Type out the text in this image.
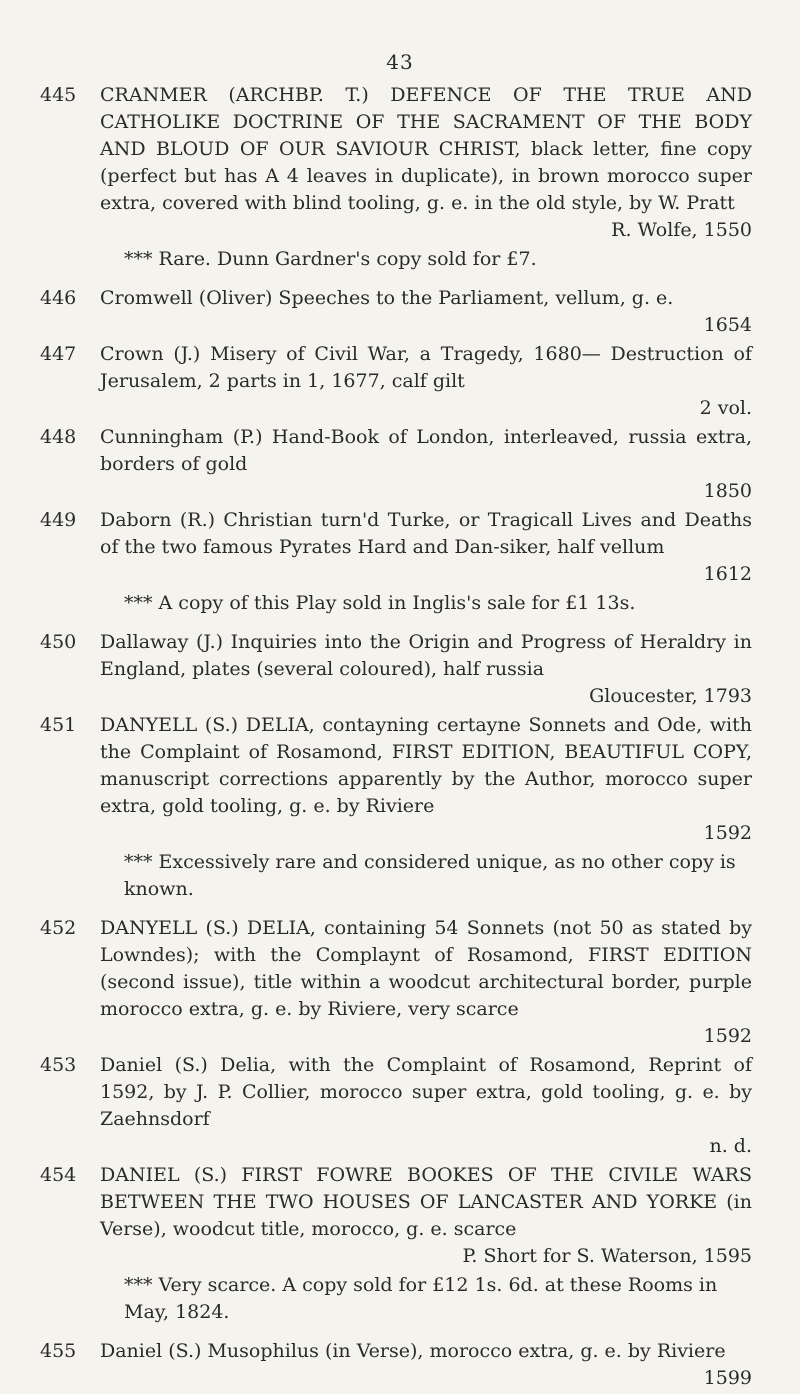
43
445	CRANMER (ARCHBP. T.) DEFENCE OF THE TRUE AND CATHOLIKE DOCTRINE OF THE SACRAMENT OF THE BODY AND BLOUD OF OUR SAVIOUR CHRIST, black letter, fine copy (perfect but has A 4 leaves in duplicate), in brown morocco super extra, covered with blind tooling, g. e. in the old style, by W. Pratt
R. Wolfe, 1550
*** Rare. Dunn Gardner's copy sold for £7.
446	Cromwell (Oliver) Speeches to the Parliament, vellum, g. e.
1654
447	Crown (J.) Misery of Civil War, a Tragedy, 1680— Destruction of Jerusalem, 2 parts in 1, 1677, calf gilt
2 vol.
448	Cunningham (P.) Hand-Book of London, interleaved, russia extra, borders of gold
1850
449	Daborn (R.) Christian turn'd Turke, or Tragicall Lives and Deaths of the two famous Pyrates Hard and Dan-siker, half vellum
1612
*** A copy of this Play sold in Inglis's sale for £1 13s.
450	Dallaway (J.) Inquiries into the Origin and Progress of Heraldry in England, plates (several coloured), half russia
Gloucester, 1793
451	DANYELL (S.) DELIA, contayning certayne Sonnets and Ode, with the Complaint of Rosamond, FIRST EDITION, BEAUTIFUL COPY, manuscript corrections apparently by the Author, morocco super extra, gold tooling, g. e. by Riviere
1592
*** Excessively rare and considered unique, as no other copy is known.
452	DANYELL (S.) DELIA, containing 54 Sonnets (not 50 as stated by Lowndes); with the Complaynt of Rosamond, FIRST EDITION (second issue), title within a woodcut architectural border, purple morocco extra, g. e. by Riviere, very scarce
1592
453	Daniel (S.) Delia, with the Complaint of Rosamond, Reprint of 1592, by J. P. Collier, morocco super extra, gold tooling, g. e. by Zaehnsdorf
n. d.
454	DANIEL (S.) FIRST FOWRE BOOKES OF THE CIVILE WARS BETWEEN THE TWO HOUSES OF LANCASTER AND YORKE (in Verse), woodcut title, morocco, g. e. scarce
P. Short for S. Waterson, 1595
*** Very scarce. A copy sold for £12 1s. 6d. at these Rooms in May, 1824.
455	Daniel (S.) Musophilus (in Verse), morocco extra, g. e. by Riviere
1599
